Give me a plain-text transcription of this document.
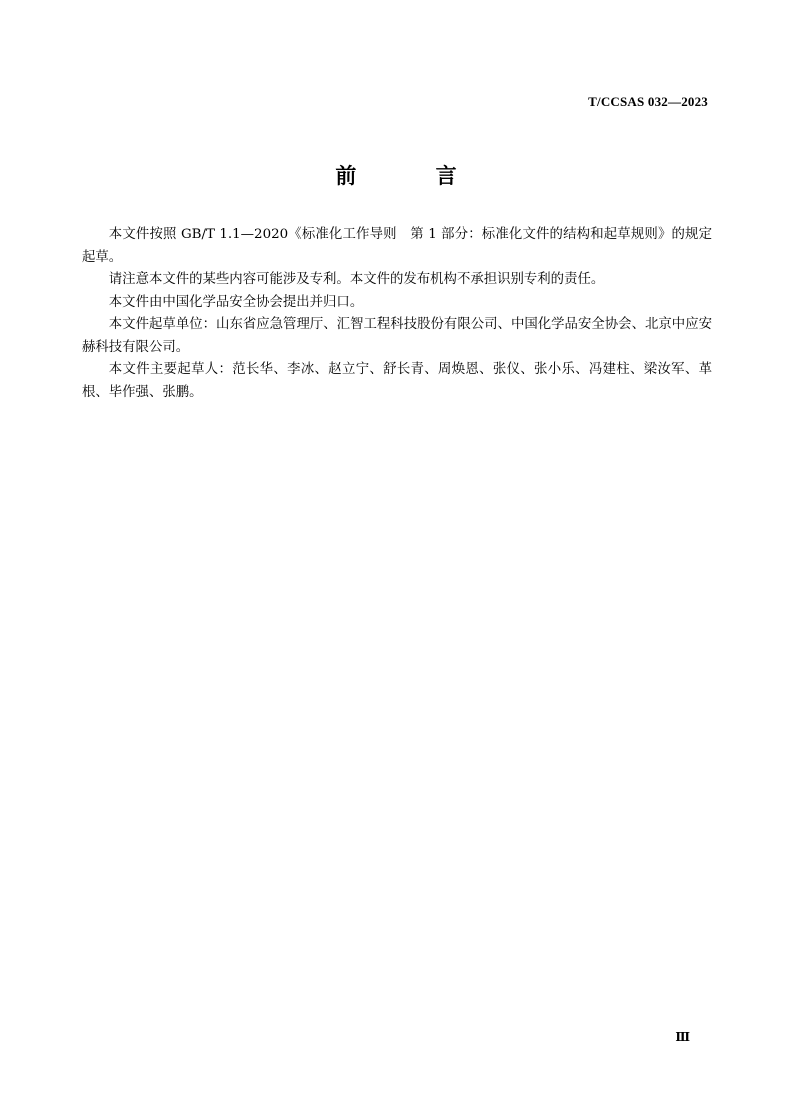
T/CCSAS 032—2023
前 言

本文件按照 GB/T 1.1—2020《标准化工作导则　第 1 部分：标准化文件的结构和起草规则》的规定起草。

请注意本文件的某些内容可能涉及专利。本文件的发布机构不承担识别专利的责任。

本文件由中国化学品安全协会提出并归口。

本文件起草单位：山东省应急管理厅、汇智工程科技股份有限公司、中国化学品安全协会、北京中应安赫科技有限公司。

本文件主要起草人：范长华、李冰、赵立宁、舒长青、周焕恩、张仪、张小乐、冯建柱、梁汝军、革根、毕作强、张鹏。

Ⅲ
